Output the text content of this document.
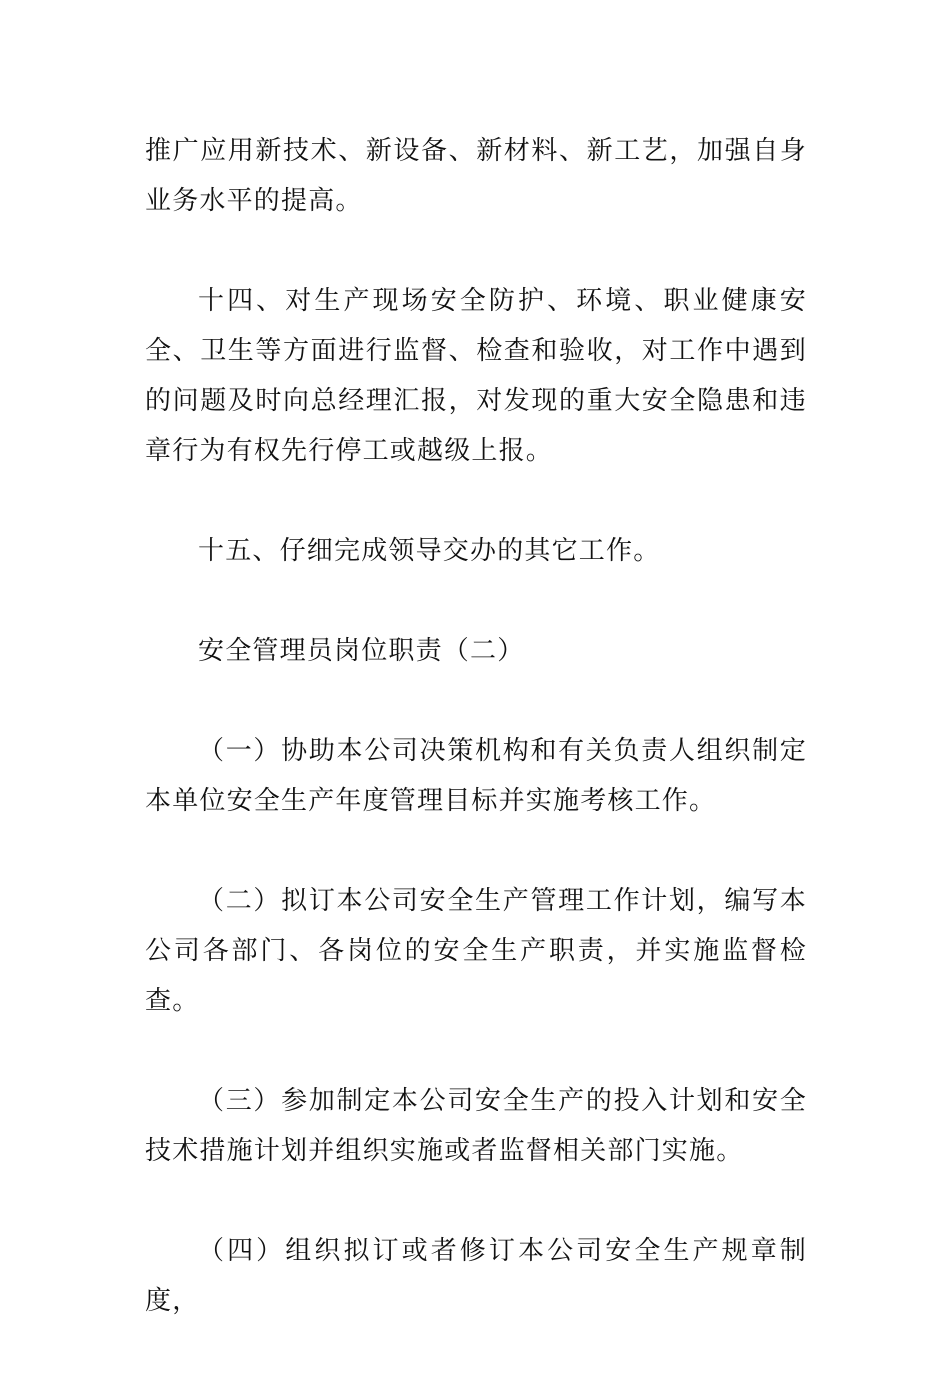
推广应用新技术、新设备、新材料、新工艺，加强自身业务水平的提高。

十四、对生产现场安全防护、环境、职业健康安全、卫生等方面进行监督、检查和验收，对工作中遇到的问题及时向总经理汇报，对发现的重大安全隐患和违章行为有权先行停工或越级上报。

十五、仔细完成领导交办的其它工作。

安全管理员岗位职责（二）

（一）协助本公司决策机构和有关负责人组织制定本单位安全生产年度管理目标并实施考核工作。

（二）拟订本公司安全生产管理工作计划，编写本公司各部门、各岗位的安全生产职责，并实施监督检查。

（三）参加制定本公司安全生产的投入计划和安全技术措施计划并组织实施或者监督相关部门实施。

（四）组织拟订或者修订本公司安全生产规章制度，
